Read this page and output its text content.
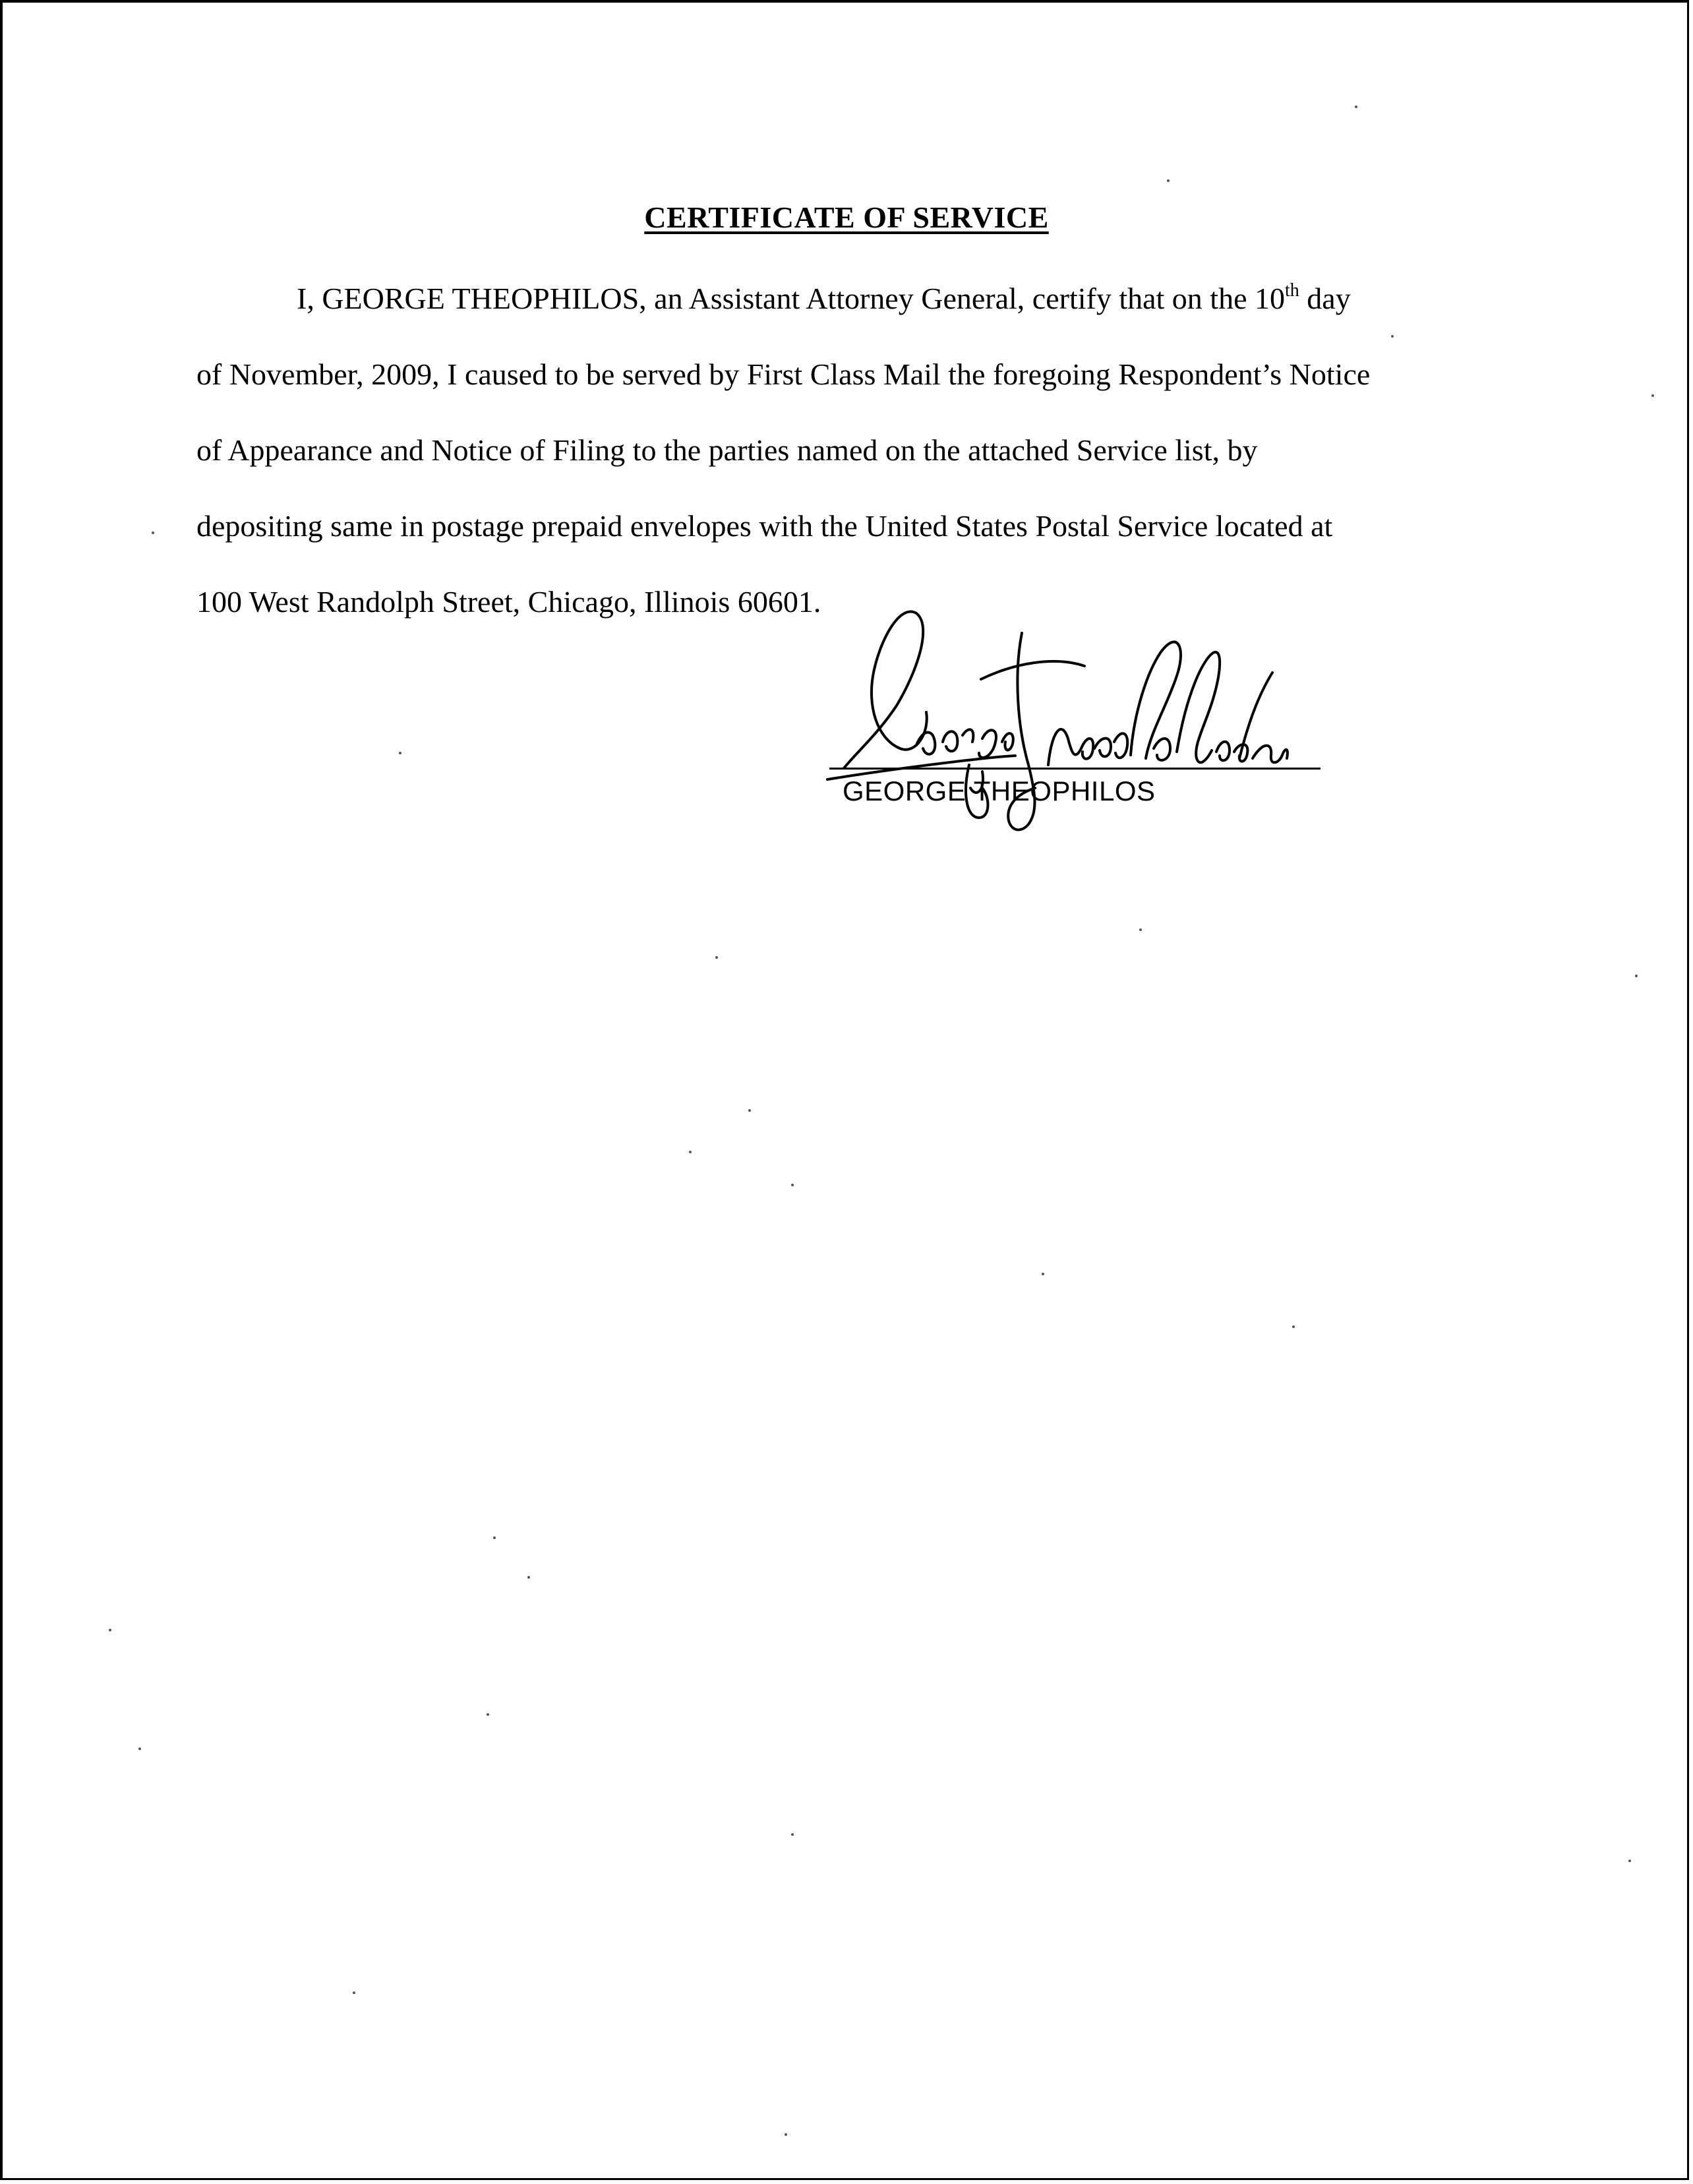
CERTIFICATE OF SERVICE
I, GEORGE THEOPHILOS, an Assistant Attorney General, certify that on the 10th day
of November, 2009, I caused to be served by First Class Mail the foregoing Respondent’s Notice
of Appearance and Notice of Filing to the parties named on the attached Service list, by
depositing same in postage prepaid envelopes with the United States Postal Service located at
100 West Randolph Street, Chicago, Illinois 60601.
GEORGE THEOPHILOS
